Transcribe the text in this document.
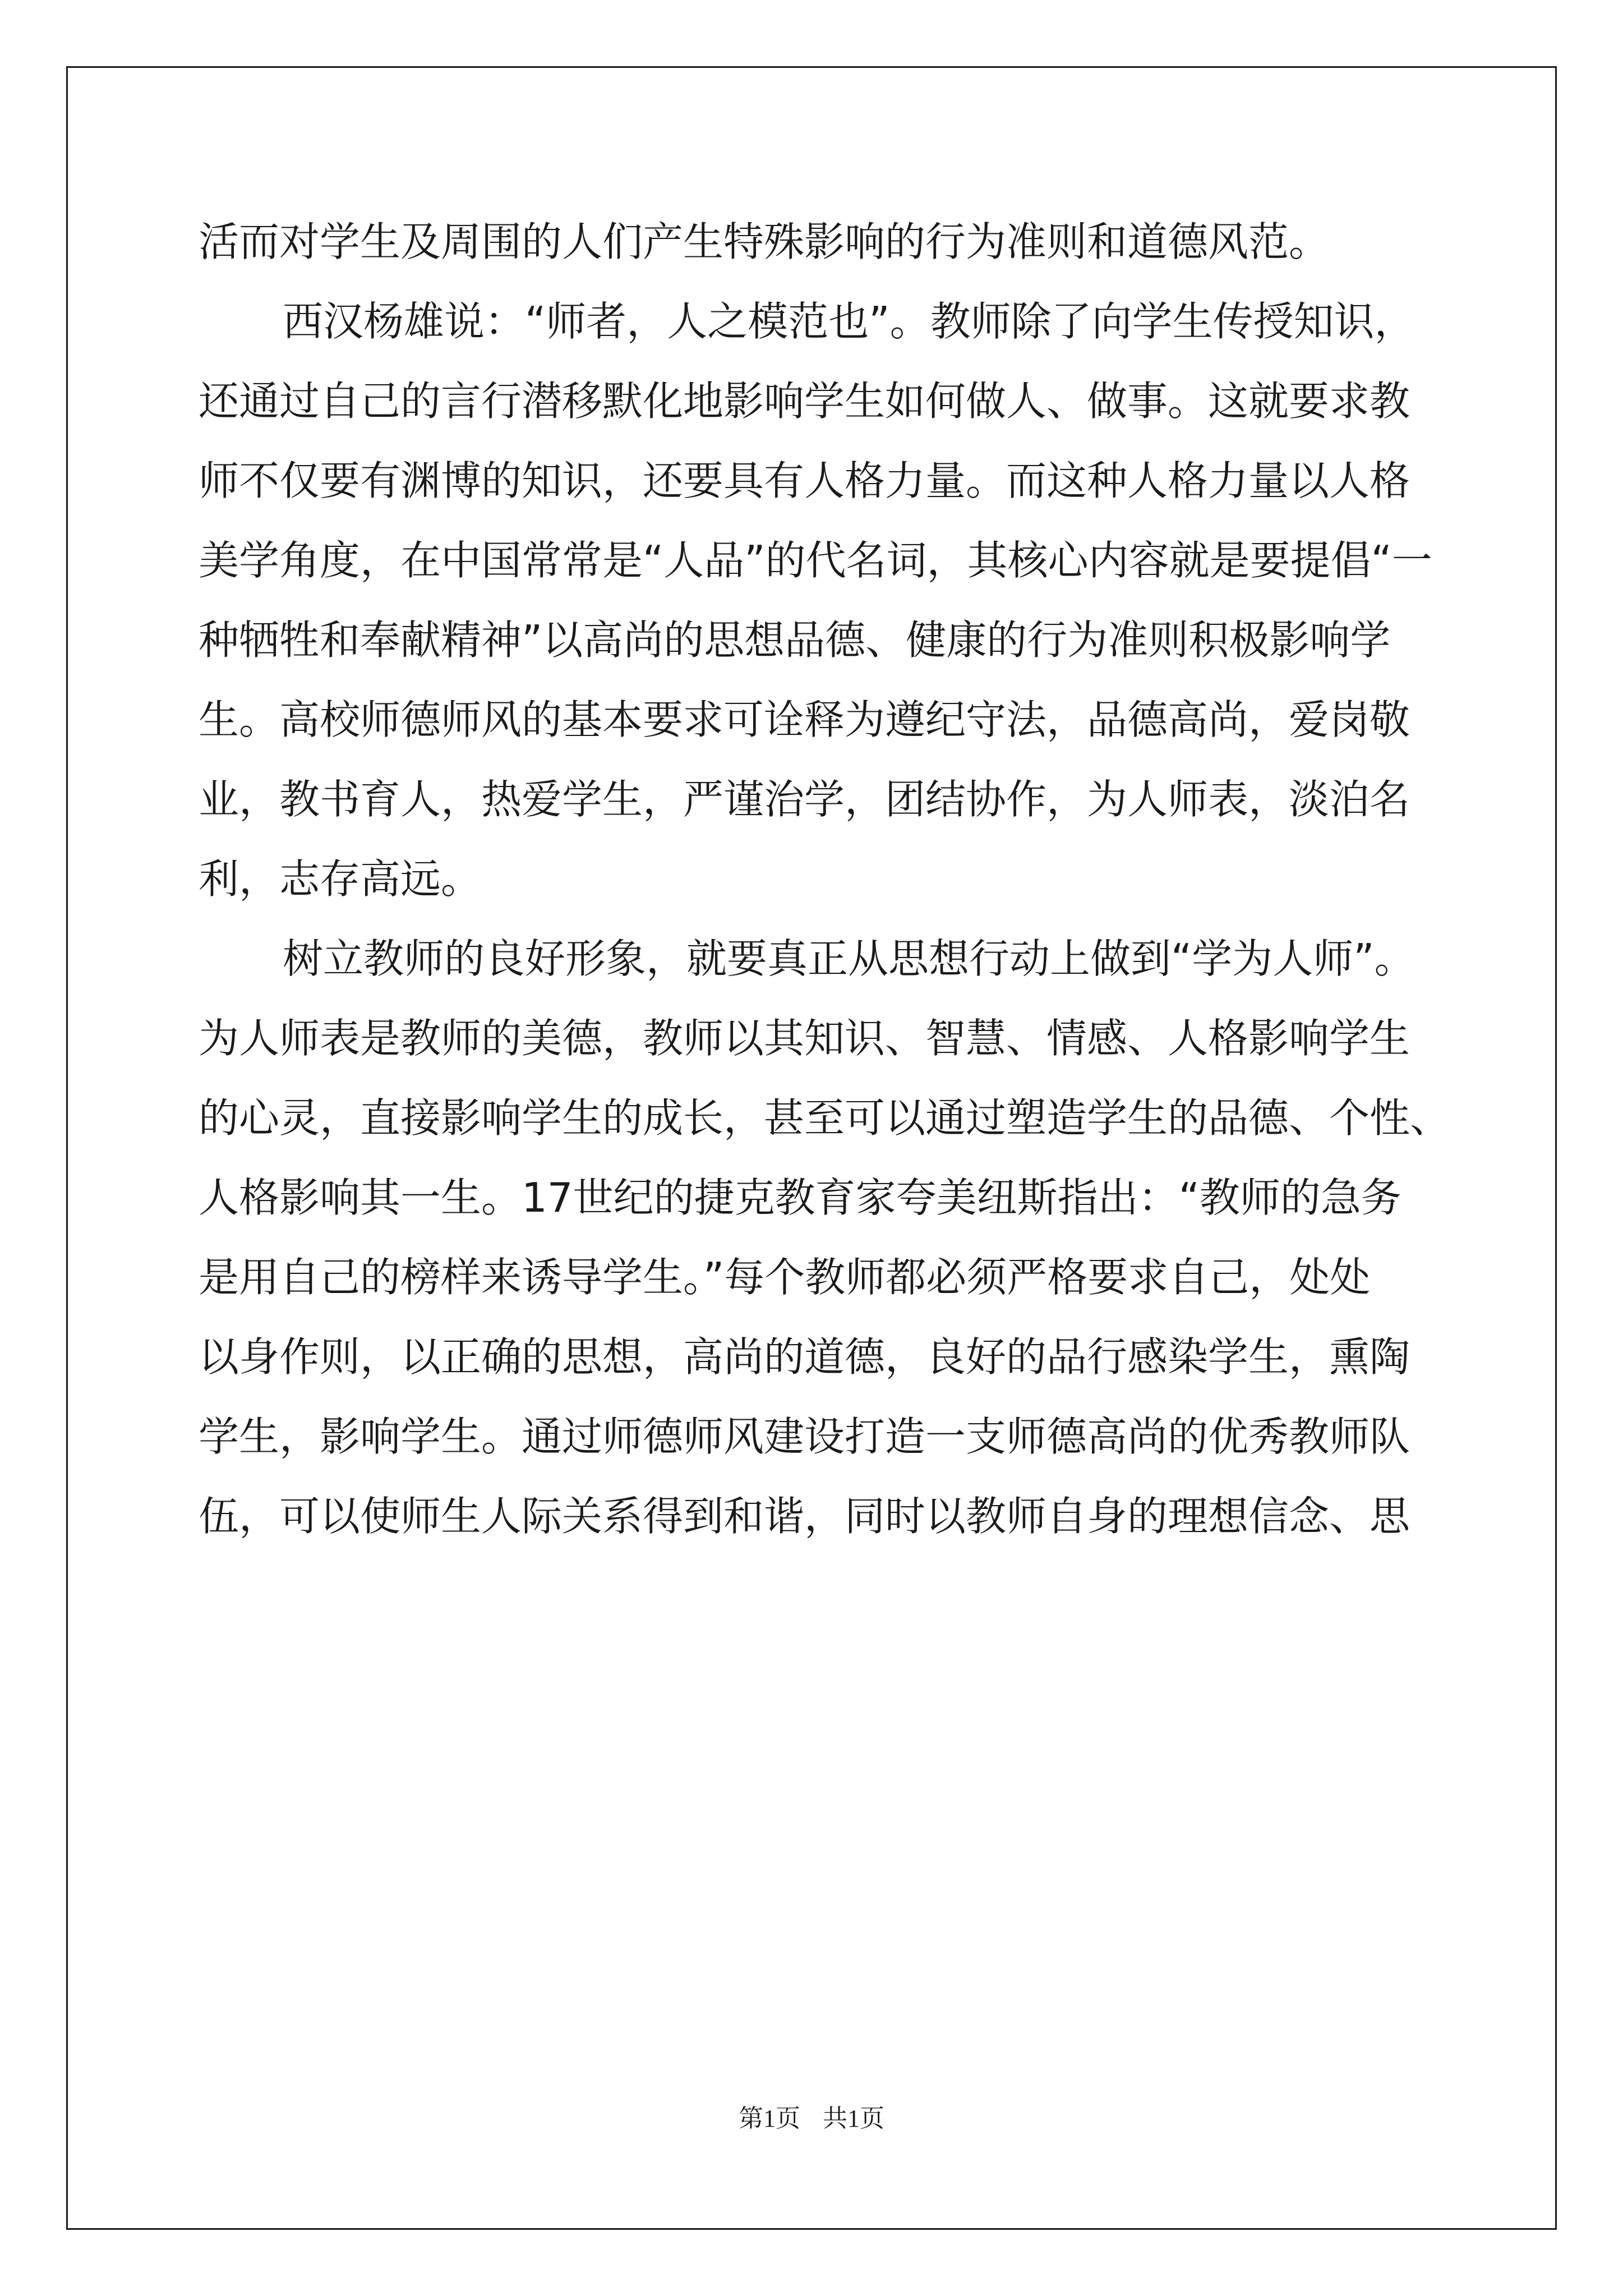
活而对学生及周围的人们产生特殊影响的行为准则和道德风范。
西汉杨雄说：“师者，人之模范也”。教师除了向学生传授知识，
还通过自己的言行潜移默化地影响学生如何做人、做事。这就要求教
师不仅要有渊博的知识，还要具有人格力量。而这种人格力量以人格
美学角度，在中国常常是“人品”的代名词，其核心内容就是要提倡“一
种牺牲和奉献精神”以高尚的思想品德、健康的行为准则积极影响学
生。高校师德师风的基本要求可诠释为遵纪守法，品德高尚，爱岗敬
业，教书育人，热爱学生，严谨治学，团结协作，为人师表，淡泊名
利，志存高远。
树立教师的良好形象，就要真正从思想行动上做到“学为人师”。
为人师表是教师的美德，教师以其知识、智慧、情感、人格影响学生
的心灵，直接影响学生的成长，甚至可以通过塑造学生的品德、个性、
人格影响其一生。17世纪的捷克教育家夸美纽斯指出：“教师的急务
是用自己的榜样来诱导学生。”每个教师都必须严格要求自己，处处
以身作则，以正确的思想，高尚的道德，良好的品行感染学生，熏陶
学生，影响学生。通过师德师风建设打造一支师德高尚的优秀教师队
伍，可以使师生人际关系得到和谐，同时以教师自身的理想信念、思
第1页 共1页
